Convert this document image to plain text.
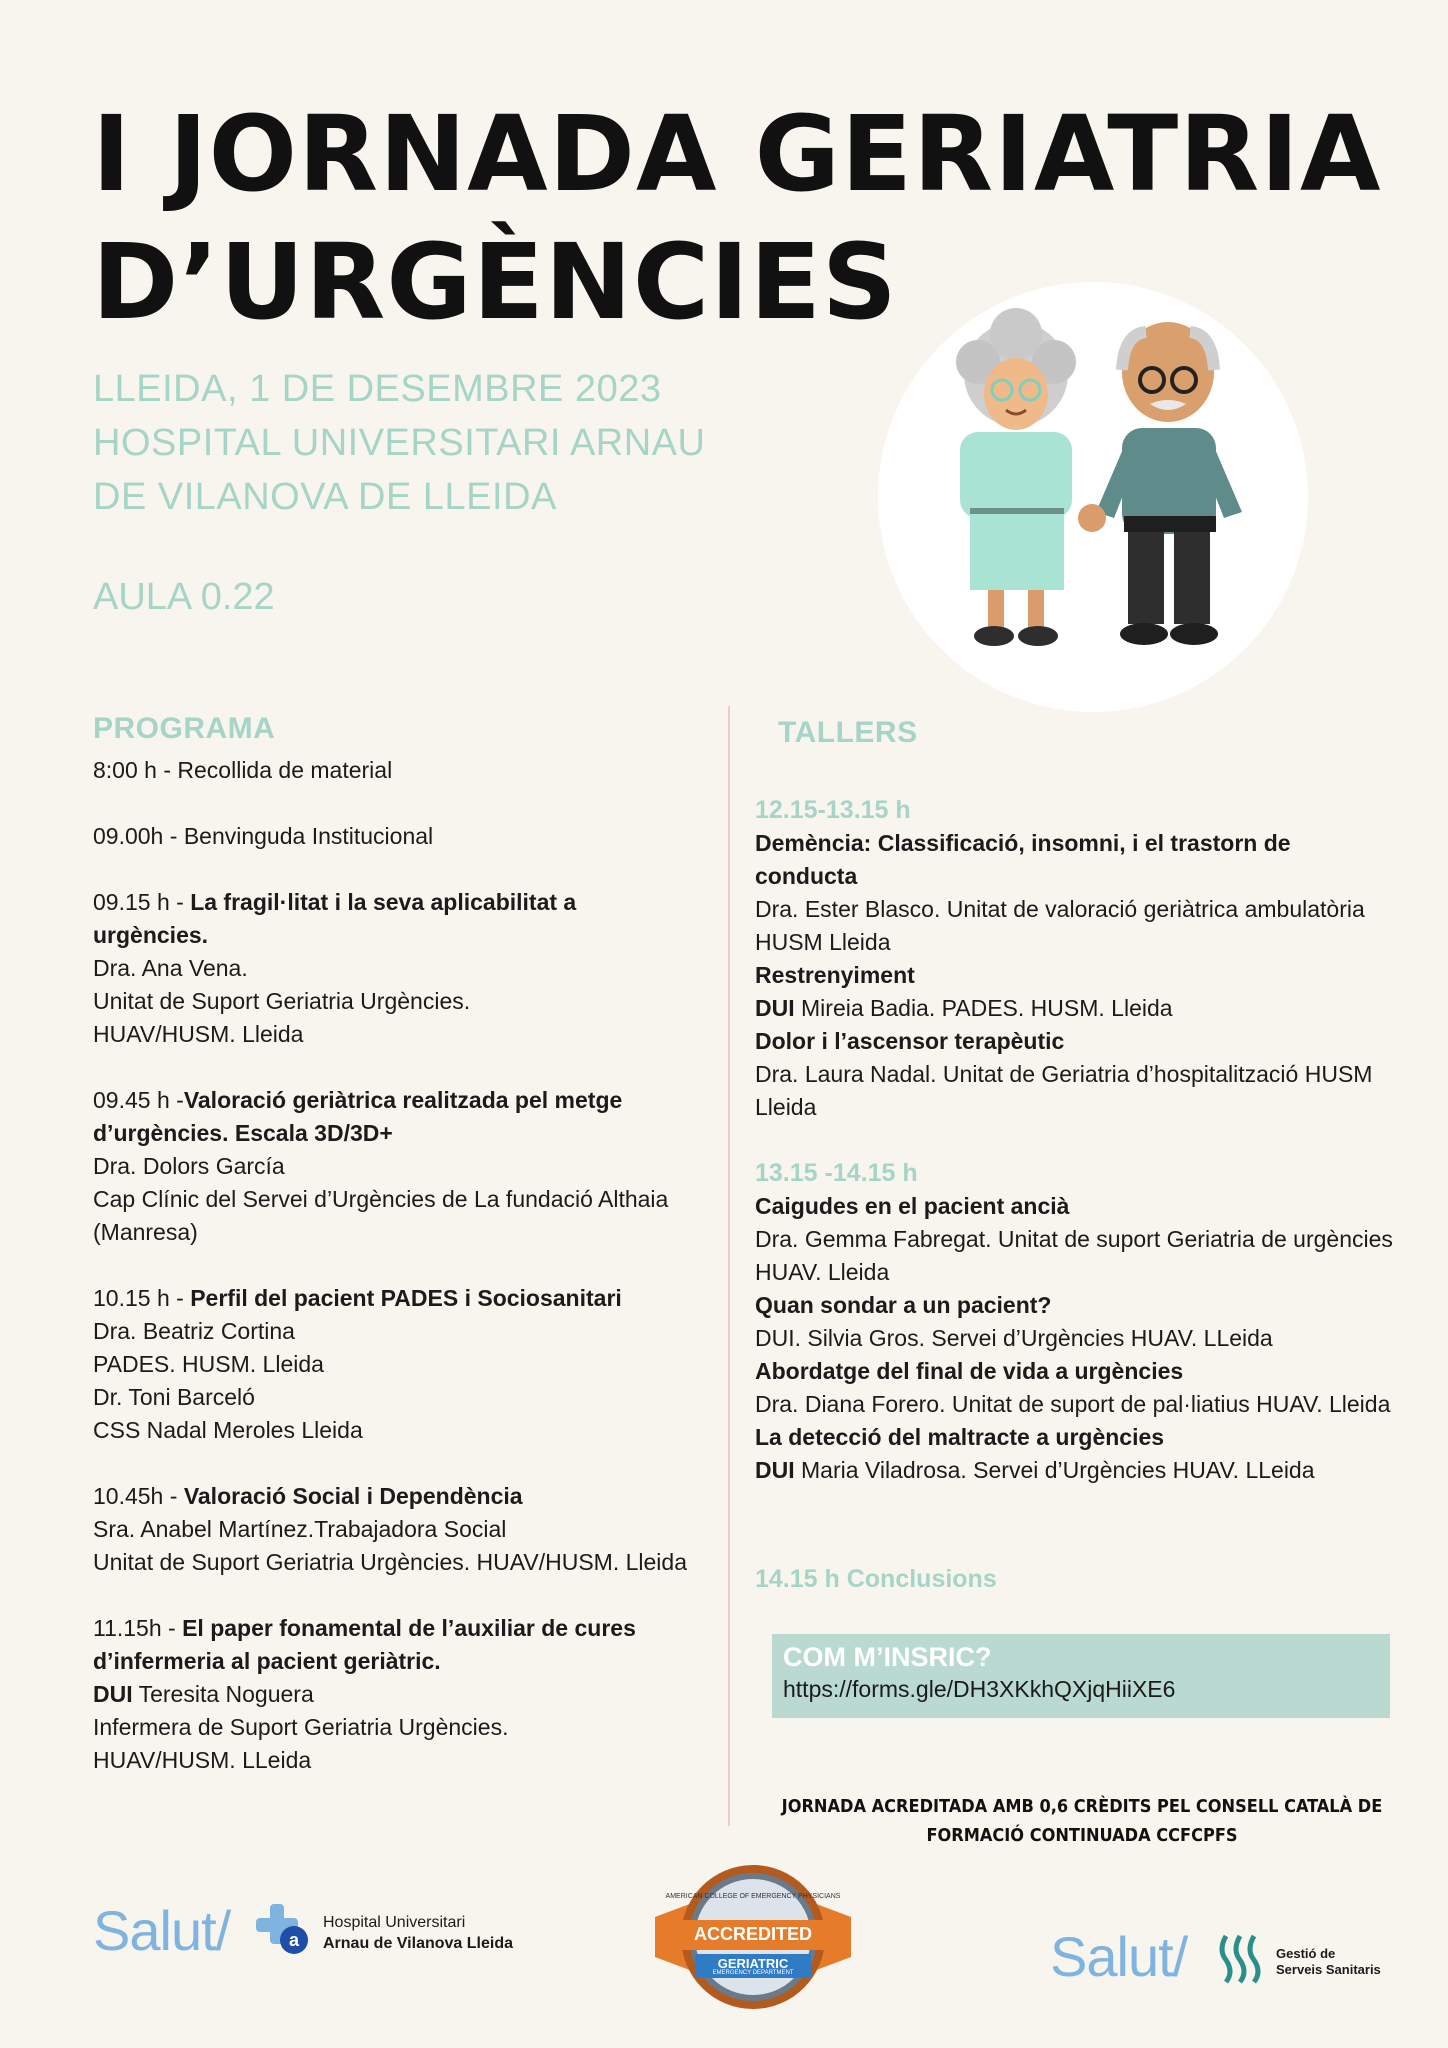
I JORNADA GERIATRIA
D’URGÈNCIES
LLEIDA, 1 DE DESEMBRE 2023
HOSPITAL UNIVERSITARI ARNAU
DE VILANOVA DE LLEIDA
AULA 0.22
PROGRAMA

8:00 h - Recollida de material

09.00h - Benvinguda Institucional

09.15 h - La fragil·litat i la seva aplicabilitat a urgències.

Dra. Ana Vena.

Unitat de Suport Geriatria Urgències.

HUAV/HUSM. Lleida

09.45 h -Valoració geriàtrica realitzada pel metge d’urgències. Escala 3D/3D+

Dra. Dolors García

Cap Clínic del Servei d’Urgències de La fundació Althaia (Manresa)

10.15 h - Perfil del pacient PADES i Sociosanitari

Dra. Beatriz Cortina

PADES. HUSM. Lleida

Dr. Toni Barceló

CSS Nadal Meroles Lleida

10.45h - Valoració Social i Dependència

Sra. Anabel Martínez.Trabajadora Social

Unitat de Suport Geriatria Urgències. HUAV/HUSM. Lleida

11.15h - El paper fonamental de l’auxiliar de cures d’infermeria al pacient geriàtric.

DUI Teresita Noguera

Infermera de Suport Geriatria Urgències.

HUAV/HUSM. LLeida

TALLERS

12.15-13.15 h

Demència: Classificació, insomni, i el trastorn de conducta

Dra. Ester Blasco. Unitat de valoració geriàtrica ambulatòria HUSM Lleida

Restrenyiment

DUI Mireia Badia. PADES. HUSM. Lleida

Dolor i l’ascensor terapèutic

Dra. Laura Nadal. Unitat de Geriatria d’hospitalització HUSM Lleida

13.15 -14.15 h

Caigudes en el pacient ancià

Dra. Gemma Fabregat. Unitat de suport Geriatria de urgències HUAV. Lleida

Quan sondar a un pacient?

DUI. Silvia Gros. Servei d’Urgències HUAV. LLeida

Abordatge del final de vida a urgències

Dra. Diana Forero. Unitat de suport de pal·liatius HUAV. Lleida

La detecció del maltracte a urgències

DUI Maria Viladrosa. Servei d’Urgències HUAV. LLeida

14.15 h Conclusions
COM M’INSRIC?
https://forms.gle/DH3XKkhQXjqHiiXE6
JORNADA ACREDITADA AMB 0,6 CRÈDITS PEL CONSELL CATALÀ DE
FORMACIÓ CONTINUADA CCFCPFS
Salut/	a
Hospital Universitari
Arnau de Vilanova Lleida
AMERICAN COLLEGE OF EMERGENCY PHYSICIANS
ACCREDITED
GERIATRIC
EMERGENCY DEPARTMENT	Salut/	Gestió de
Serveis Sanitaris
